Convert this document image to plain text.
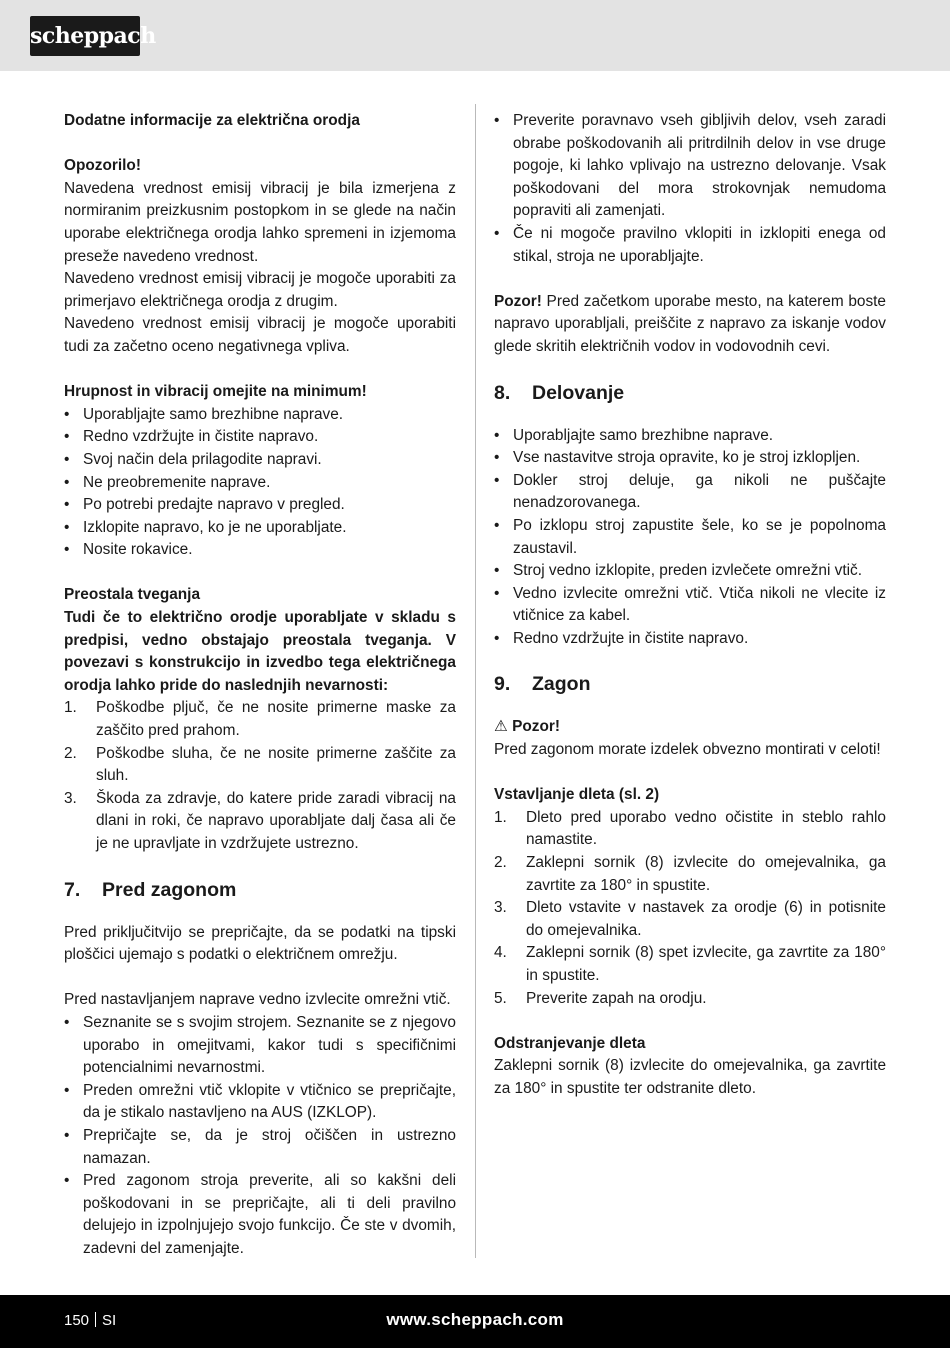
scheppach

Dodatne informacije za električna orodja

Opozorilo!

Navedena vrednost emisij vibracij je bila izmerjena z normiranim preizkusnim postopkom in se glede na način uporabe električnega orodja lahko spremeni in izjemoma preseže navedeno vrednost.

Navedeno vrednost emisij vibracij je mogoče uporabiti za primerjavo električnega orodja z drugim.

Navedeno vrednost emisij vibracij je mogoče uporabiti tudi za začetno oceno negativnega vpliva.

Hrupnost in vibracij omejite na minimum!

• Uporabljajte samo brezhibne naprave.
• Redno vzdržujte in čistite napravo.
• Svoj način dela prilagodite napravi.
• Ne preobremenite naprave.
• Po potrebi predajte napravo v pregled.
• Izklopite napravo, ko je ne uporabljate.
• Nosite rokavice.

Preostala tveganja

Tudi če to električno orodje uporabljate v skladu s predpisi, vedno obstajajo preostala tveganja. V povezavi s konstrukcijo in izvedbo tega električnega orodja lahko pride do naslednjih nevarnosti:

1. Poškodbe pljuč, če ne nosite primerne maske za zaščito pred prahom.
2. Poškodbe sluha, če ne nosite primerne zaščite za sluh.
3. Škoda za zdravje, do katere pride zaradi vibracij na dlani in roki, če napravo uporabljate dalj časa ali če je ne upravljate in vzdržujete ustrezno.
7.	Pred zagonom

Pred priključitvijo se prepričajte, da se podatki na tipski ploščici ujemajo s podatki o električnem omrežju.

Pred nastavljanjem naprave vedno izvlecite omrežni vtič.

• Seznanite se s svojim strojem. Seznanite se z njegovo uporabo in omejitvami, kakor tudi s specifičnimi potencialnimi nevarnostmi.
• Preden omrežni vtič vklopite v vtičnico se prepričajte, da je stikalo nastavljeno na AUS (IZKLOP).
• Prepričajte se, da je stroj očiščen in ustrezno namazan.
• Pred zagonom stroja preverite, ali so kakšni deli poškodovani in se prepričajte, ali ti deli pravilno delujejo in izpolnjujejo svojo funkcijo. Če ste v dvomih, zadevni del zamenjajte.
• Preverite poravnavo vseh gibljivih delov, vseh zaradi obrabe poškodovanih ali pritrdilnih delov in vse druge pogoje, ki lahko vplivajo na ustrezno delovanje. Vsak poškodovani del mora strokovnjak nemudoma popraviti ali zamenjati.
• Če ni mogoče pravilno vklopiti in izklopiti enega od stikal, stroja ne uporabljajte.

Pozor! Pred začetkom uporabe mesto, na katerem boste napravo uporabljali, preiščite z napravo za iskanje vodov glede skritih električnih vodov in vodovodnih cevi.

8.	Delovanje
• Uporabljajte samo brezhibne naprave.
• Vse nastavitve stroja opravite, ko je stroj izklopljen.
• Dokler stroj deluje, ga nikoli ne puščajte nenadzorovanega.
• Po izklopu stroj zapustite šele, ko se je popolnoma zaustavil.
• Stroj vedno izklopite, preden izvlečete omrežni vtič.
• Vedno izvlecite omrežni vtič. Vtiča nikoli ne vlecite iz vtičnice za kabel.
• Redno vzdržujte in čistite napravo.
9.	Zagon

⚠ Pozor!

Pred zagonom morate izdelek obvezno montirati v celoti!

Vstavljanje dleta (sl. 2)

1. Dleto pred uporabo vedno očistite in steblo rahlo namastite.
2. Zaklepni sornik (8) izvlecite do omejevalnika, ga zavrtite za 180° in spustite.
3. Dleto vstavite v nastavek za orodje (6) in potisnite do omejevalnika.
4. Zaklepni sornik (8) spet izvlecite, ga zavrtite za 180° in spustite.
5. Preverite zapah na orodju.

Odstranjevanje dleta

Zaklepni sornik (8) izvlecite do omejevalnika, ga zavrtite za 180° in spustite ter odstranite dleto.

150 SI	www.scheppach.com
